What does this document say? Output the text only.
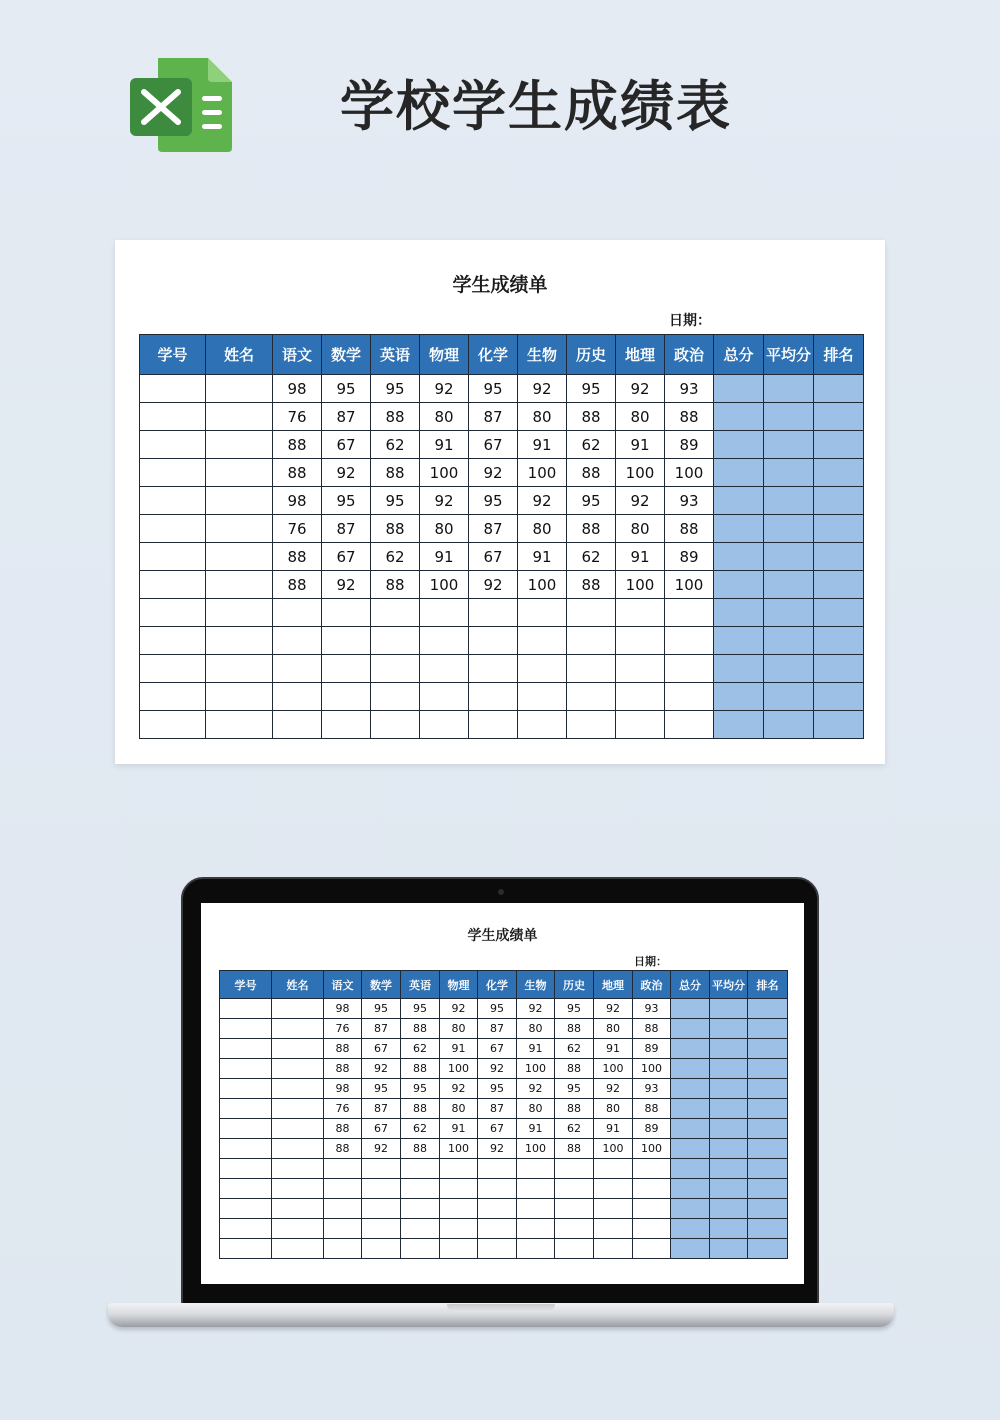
学校学生成绩表
学生成绩单
日期：
学号	姓名	语文	数学	英语	物理	化学	生物	历史	地理	政治	总分	平均分	排名
		98	95	95	92	95	92	95	92	93			
		76	87	88	80	87	80	88	80	88			
		88	67	62	91	67	91	62	91	89			
		88	92	88	100	92	100	88	100	100			
		98	95	95	92	95	92	95	92	93			
		76	87	88	80	87	80	88	80	88			
		88	67	62	91	67	91	62	91	89			
		88	92	88	100	92	100	88	100	100			

学生成绩单
日期：
学号	姓名	语文	数学	英语	物理	化学	生物	历史	地理	政治	总分	平均分	排名
		98	95	95	92	95	92	95	92	93			
		76	87	88	80	87	80	88	80	88			
		88	67	62	91	67	91	62	91	89			
		88	92	88	100	92	100	88	100	100			
		98	95	95	92	95	92	95	92	93			
		76	87	88	80	87	80	88	80	88			
		88	67	62	91	67	91	62	91	89			
		88	92	88	100	92	100	88	100	100			
